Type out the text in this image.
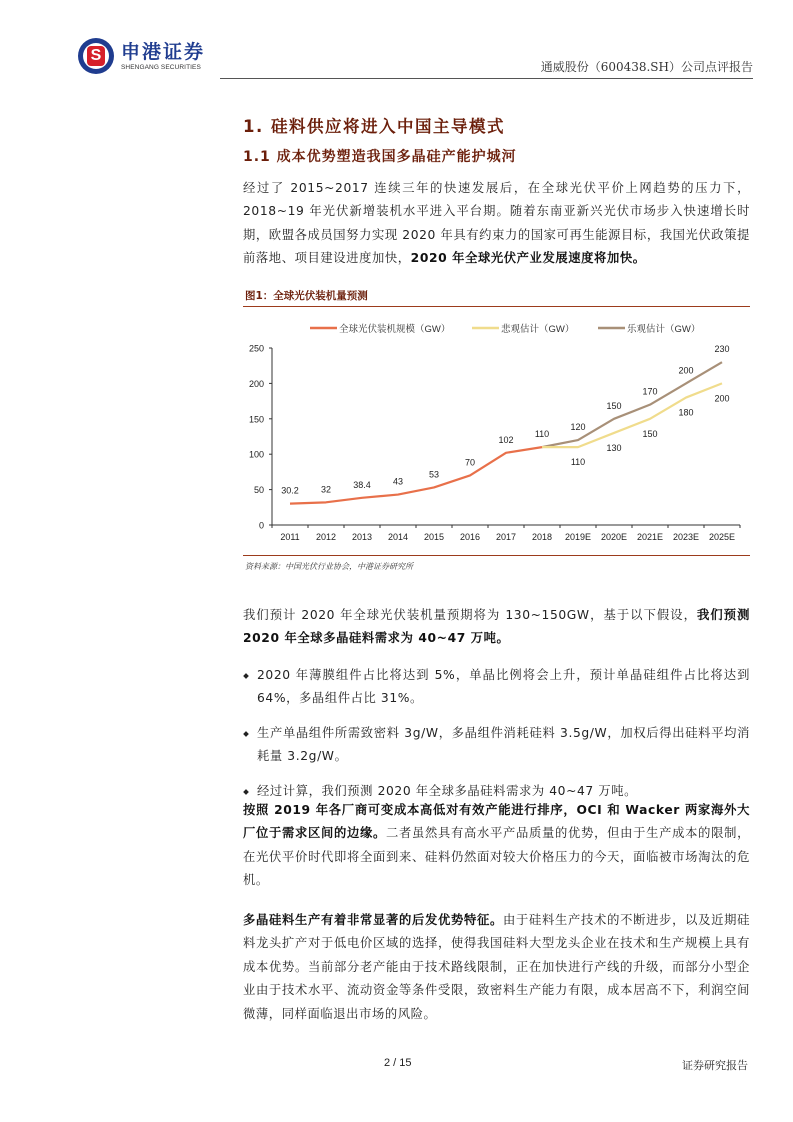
S 申港证券
SHENGANG SECURITIES	通威股份（600438.SH）公司点评报告
1. 硅料供应将进入中国主导模式
1.1 成本优势塑造我国多晶硅产能护城河

经过了 2015~2017 连续三年的快速发展后，在全球光伏平价上网趋势的压力下，2018~19 年光伏新增装机水平进入平台期。随着东南亚新兴光伏市场步入快速增长时期，欧盟各成员国努力实现 2020 年具有约束力的国家可再生能源目标，我国光伏政策提前落地、项目建设进度加快，2020 年全球光伏产业发展速度将加快。

图1：全球光伏装机量预测
全球光伏装机规模（GW）	悲观估计（GW）	乐观估计（GW）
0
50
100
150
200
250
2011 2012 2013 2014 2015 2016 2017 2018 2019E 2020E 2021E 2023E 2025E
30.2 32 38.4 43
53
70
102
110
120
110
150
130
170
150
200
180
230
200
资料来源：中国光伏行业协会，中港证券研究所

我们预计 2020 年全球光伏装机量预期将为 130~150GW，基于以下假设，我们预测 2020 年全球多晶硅料需求为 40~47 万吨。

2020 年薄膜组件占比将达到 5%，单晶比例将会上升，预计单晶硅组件占比将达到 64%，多晶组件占比 31%。
生产单晶组件所需致密料 3g/W，多晶组件消耗硅料 3.5g/W，加权后得出硅料平均消耗量 3.2g/W。
经过计算，我们预测 2020 年全球多晶硅料需求为 40~47 万吨。

按照 2019 年各厂商可变成本高低对有效产能进行排序，OCI 和 Wacker 两家海外大厂位于需求区间的边缘。二者虽然具有高水平产品质量的优势，但由于生产成本的限制，在光伏平价时代即将全面到来、硅料仍然面对较大价格压力的今天，面临被市场淘汰的危机。

多晶硅料生产有着非常显著的后发优势特征。由于硅料生产技术的不断进步，以及近期硅料龙头扩产对于低电价区域的选择，使得我国硅料大型龙头企业在技术和生产规模上具有成本优势。当前部分老产能由于技术路线限制，正在加快进行产线的升级，而部分小型企业由于技术水平、流动资金等条件受限，致密料生产能力有限，成本居高不下，利润空间微薄，同样面临退出市场的风险。

2 / 15	证券研究报告
